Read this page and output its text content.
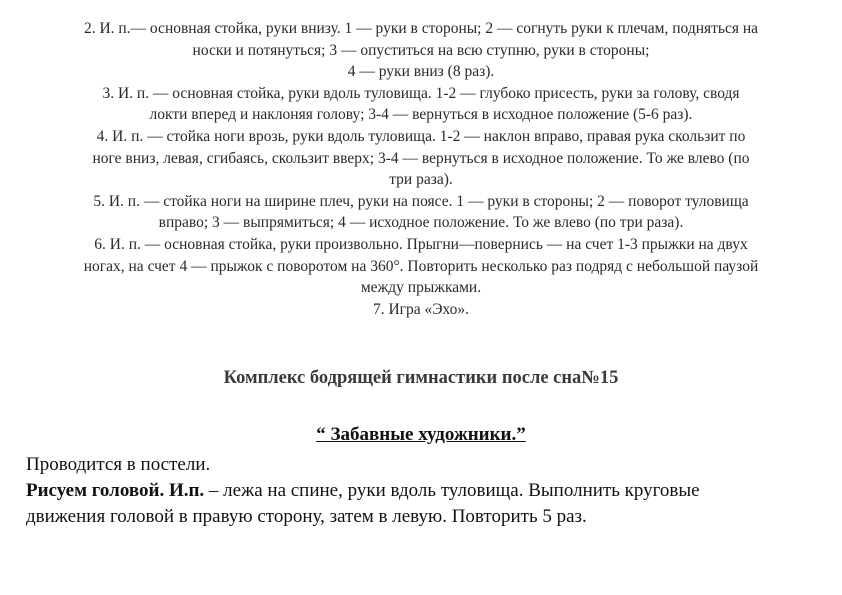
2. И. п.— основная стойка, руки внизу. 1 — руки в стороны; 2 — согнуть руки к плечам, подняться на

носки и потянуться; 3 — опуститься на всю ступню, руки в стороны;

4 — руки вниз (8 раз).

3. И. п. — основная стойка, руки вдоль туловища. 1-2 — глубоко присесть, руки за голову, сводя

локти вперед и наклоняя голову; 3-4 — вернуться в исходное положение (5-6 раз).

4. И. п. — стойка ноги врозь, руки вдоль туловища. 1-2 — наклон вправо, правая рука скользит по

ноге вниз, левая, сгибаясь, скользит вверх; 3-4 — вернуться в исходное положение. То же влево (по

три раза).

5. И. п. — стойка ноги на ширине плеч, руки на поясе. 1 — руки в стороны; 2 — поворот туловища

вправо; 3 — выпрямиться; 4 — исходное положение. То же влево (по три раза).

6. И. п. — основная стойка, руки произвольно. Прыгни—повернись — на счет 1-3 прыжки на двух

ногах, на счет 4 — прыжок с поворотом на 360°. Повторить несколько раз подряд с небольшой паузой

между прыжками.

7. Игра «Эхо».

Комплекс бодрящей гимнастики после сна№15
“ Забавные художники.”

Проводится в постели.

Рисуем головой. И.п. – лежа на спине, руки вдоль туловища. Выполнить круговые

движения головой в правую сторону, затем в левую. Повторить 5 раз.
